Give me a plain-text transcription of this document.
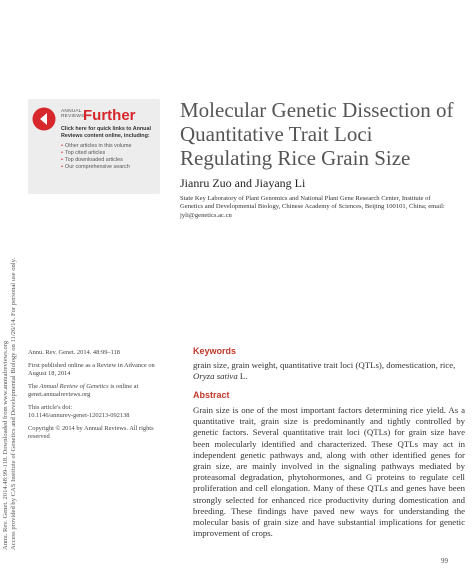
Annu. Rev. Genet. 2014.48:99-118. Downloaded from www.annualreviews.org Access provided by CAS Institute of Genetics and Developmental Biology on 11/26/14. For personal use only.
ANNUAL
REVIEWS
Further
Click here for quick links to Annual Reviews content online, including:
• Other articles in this volume
• Top cited articles
• Top downloaded articles
• Our comprehensive search
Molecular Genetic Dissection of Quantitative Trait Loci Regulating Rice Grain Size
Jianru Zuo and Jiayang Li
State Key Laboratory of Plant Genomics and National Plant Gene Research Center, Institute of Genetics and Developmental Biology, Chinese Academy of Sciences, Beijing 100101, China; email: jyli@genetics.ac.cn

Annu. Rev. Genet. 2014. 48:99–118

First published online as a Review in Advance on August 18, 2014

The Annual Review of Genetics is online at genet.annualreviews.org

This article's doi:
10.1146/annurev-genet-120213-092138

Copyright © 2014 by Annual Reviews. All rights reserved

Keywords
grain size, grain weight, quantitative trait loci (QTLs), domestication, rice, Oryza sativa L.
Abstract
Grain size is one of the most important factors determining rice yield. As a quantitative trait, grain size is predominantly and tightly controlled by genetic factors. Several quantitative trait loci (QTLs) for grain size have been molecularly identified and characterized. These QTLs may act in independent genetic pathways and, along with other identified genes for grain size, are mainly involved in the signaling pathways mediated by proteasomal degradation, phytohormones, and G proteins to regulate cell proliferation and cell elongation. Many of these QTLs and genes have been strongly selected for enhanced rice productivity during domestication and breeding. These findings have paved new ways for understanding the molecular basis of grain size and have substantial implications for genetic improvement of crops.
99
